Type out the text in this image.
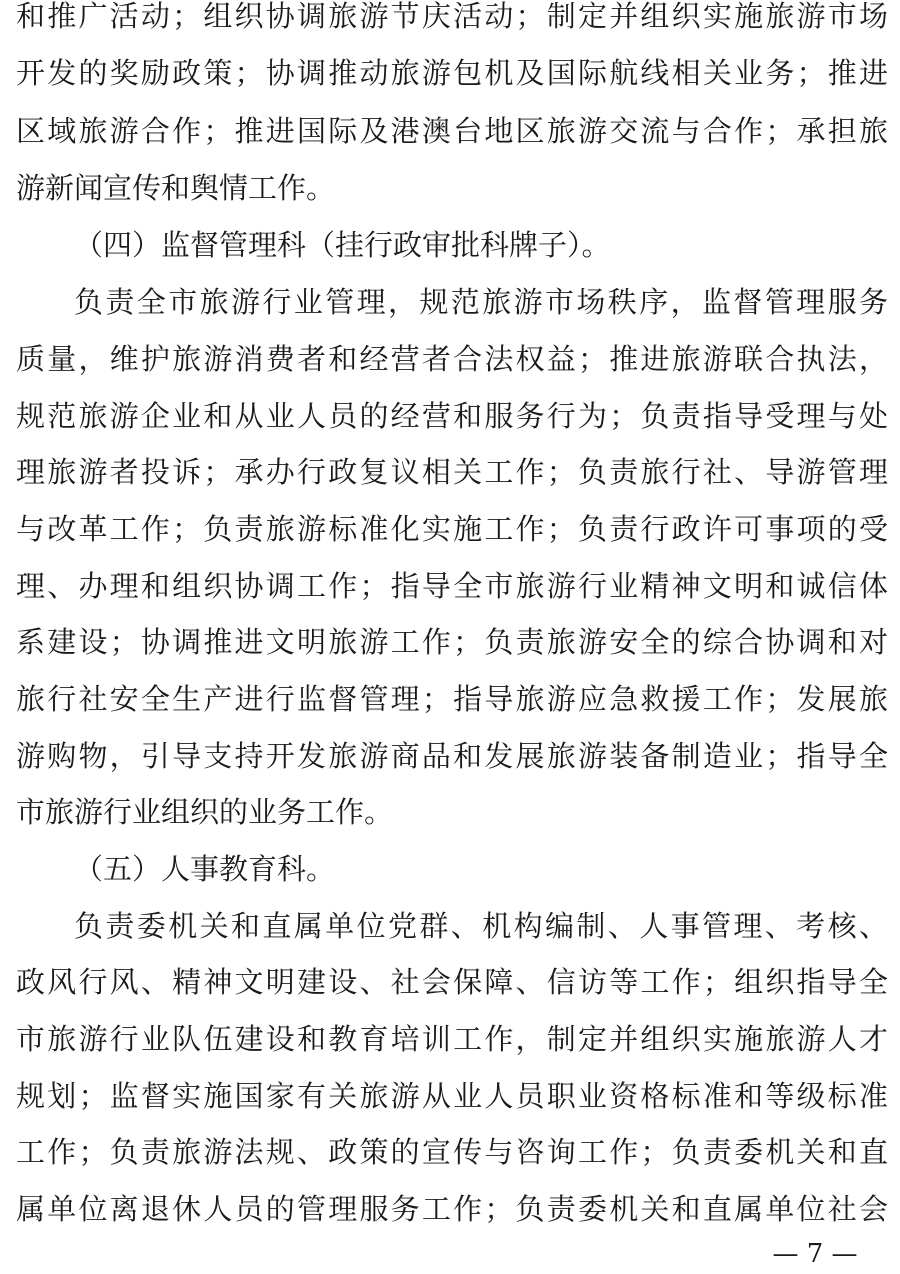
和推广活动；组织协调旅游节庆活动；制定并组织实施旅游市场
开发的奖励政策；协调推动旅游包机及国际航线相关业务；推进
区域旅游合作；推进国际及港澳台地区旅游交流与合作；承担旅
游新闻宣传和舆情工作。
（四）监督管理科（挂行政审批科牌子）。
负责全市旅游行业管理，规范旅游市场秩序，监督管理服务
质量，维护旅游消费者和经营者合法权益；推进旅游联合执法，
规范旅游企业和从业人员的经营和服务行为；负责指导受理与处
理旅游者投诉；承办行政复议相关工作；负责旅行社、导游管理
与改革工作；负责旅游标准化实施工作；负责行政许可事项的受
理、办理和组织协调工作；指导全市旅游行业精神文明和诚信体
系建设；协调推进文明旅游工作；负责旅游安全的综合协调和对
旅行社安全生产进行监督管理；指导旅游应急救援工作；发展旅
游购物，引导支持开发旅游商品和发展旅游装备制造业；指导全
市旅游行业组织的业务工作。
（五）人事教育科。
负责委机关和直属单位党群、机构编制、人事管理、考核、
政风行风、精神文明建设、社会保障、信访等工作；组织指导全
市旅游行业队伍建设和教育培训工作，制定并组织实施旅游人才
规划；监督实施国家有关旅游从业人员职业资格标准和等级标准
工作；负责旅游法规、政策的宣传与咨询工作；负责委机关和直
属单位离退休人员的管理服务工作；负责委机关和直属单位社会
— 7 —
